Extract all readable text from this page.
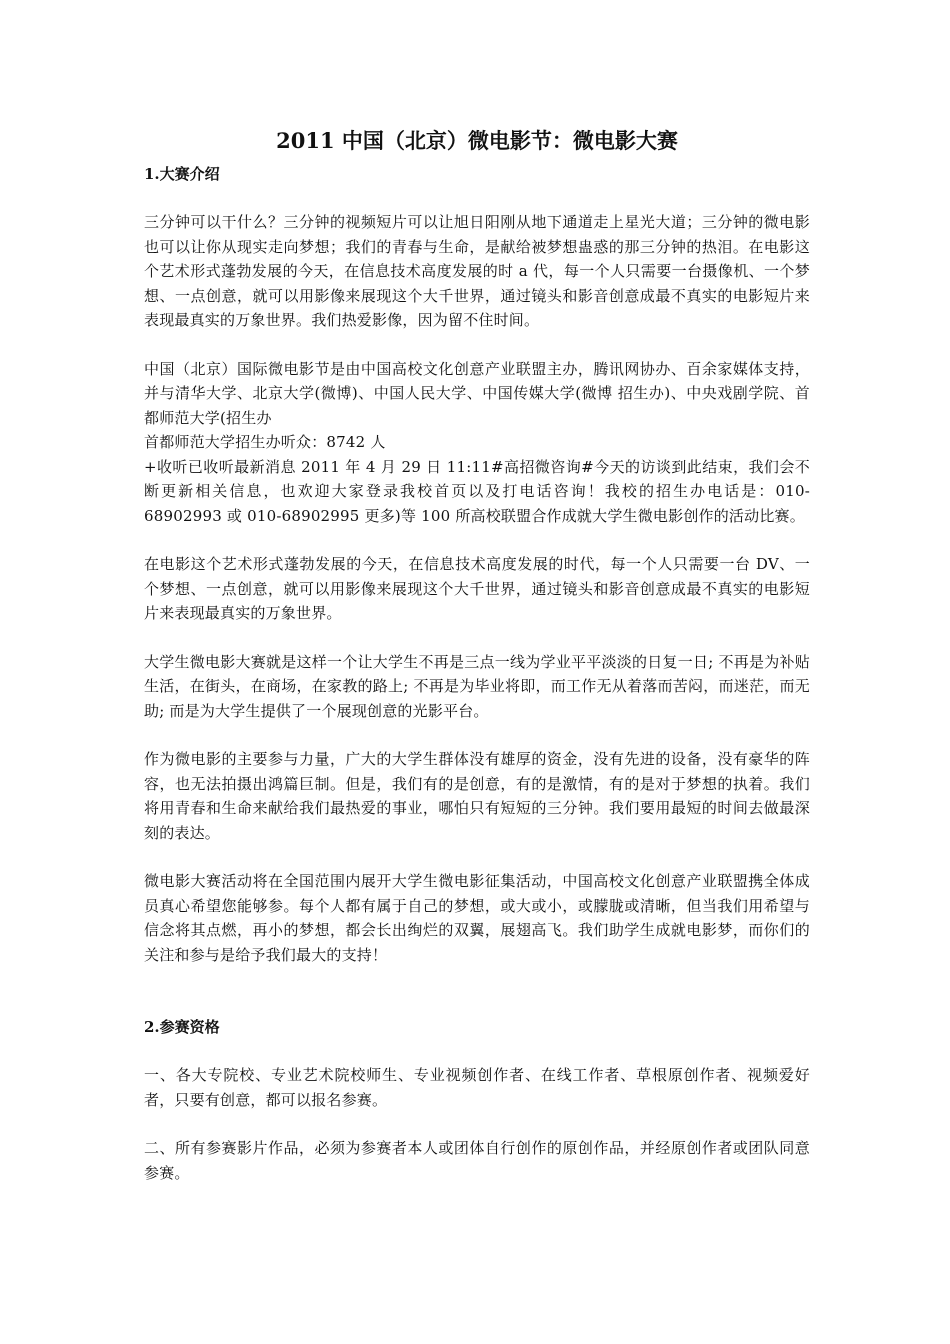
2011 中国（北京）微电影节：微电影大赛
1.大赛介绍

三分钟可以干什么？三分钟的视频短片可以让旭日阳刚从地下通道走上星光大道；三分钟的微电影也可以让你从现实走向梦想；我们的青春与生命，是献给被梦想蛊惑的那三分钟的热泪。在电影这个艺术形式蓬勃发展的今天，在信息技术高度发展的时 a 代，每一个人只需要一台摄像机、一个梦想、一点创意，就可以用影像来展现这个大千世界，通过镜头和影音创意成最不真实的电影短片来表现最真实的万象世界。我们热爱影像，因为留不住时间。

中国（北京）国际微电影节是由中国高校文化创意产业联盟主办，腾讯网协办、百余家媒体支持，并与清华大学、北京大学(微博)、中国人民大学、中国传媒大学(微博 招生办)、中央戏剧学院、首都师范大学(招生办

首都师范大学招生办听众：8742 人

+收听已收听最新消息 2011 年 4 月 29 日 11:11#高招微咨询#今天的访谈到此结束，我们会不断更新相关信息，也欢迎大家登录我校首页以及打电话咨询！我校的招生办电话是：010-68902993 或 010-68902995 更多)等 100 所高校联盟合作成就大学生微电影创作的活动比赛。

在电影这个艺术形式蓬勃发展的今天，在信息技术高度发展的时代，每一个人只需要一台 DV、一个梦想、一点创意，就可以用影像来展现这个大千世界，通过镜头和影音创意成最不真实的电影短片来表现最真实的万象世界。

大学生微电影大赛就是这样一个让大学生不再是三点一线为学业平平淡淡的日复一日; 不再是为补贴生活，在街头，在商场，在家教的路上; 不再是为毕业将即，而工作无从着落而苦闷，而迷茫，而无助; 而是为大学生提供了一个展现创意的光影平台。

作为微电影的主要参与力量，广大的大学生群体没有雄厚的资金，没有先进的设备，没有豪华的阵容，也无法拍摄出鸿篇巨制。但是，我们有的是创意，有的是激情，有的是对于梦想的执着。我们将用青春和生命来献给我们最热爱的事业，哪怕只有短短的三分钟。我们要用最短的时间去做最深刻的表达。

微电影大赛活动将在全国范围内展开大学生微电影征集活动，中国高校文化创意产业联盟携全体成员真心希望您能够参。每个人都有属于自己的梦想，或大或小，或朦胧或清晰，但当我们用希望与信念将其点燃，再小的梦想，都会长出绚烂的双翼，展翅高飞。我们助学生成就电影梦，而你们的关注和参与是给予我们最大的支持！

2.参赛资格

一、各大专院校、专业艺术院校师生、专业视频创作者、在线工作者、草根原创作者、视频爱好者，只要有创意，都可以报名参赛。

二、所有参赛影片作品，必须为参赛者本人或团体自行创作的原创作品，并经原创作者或团队同意参赛。
